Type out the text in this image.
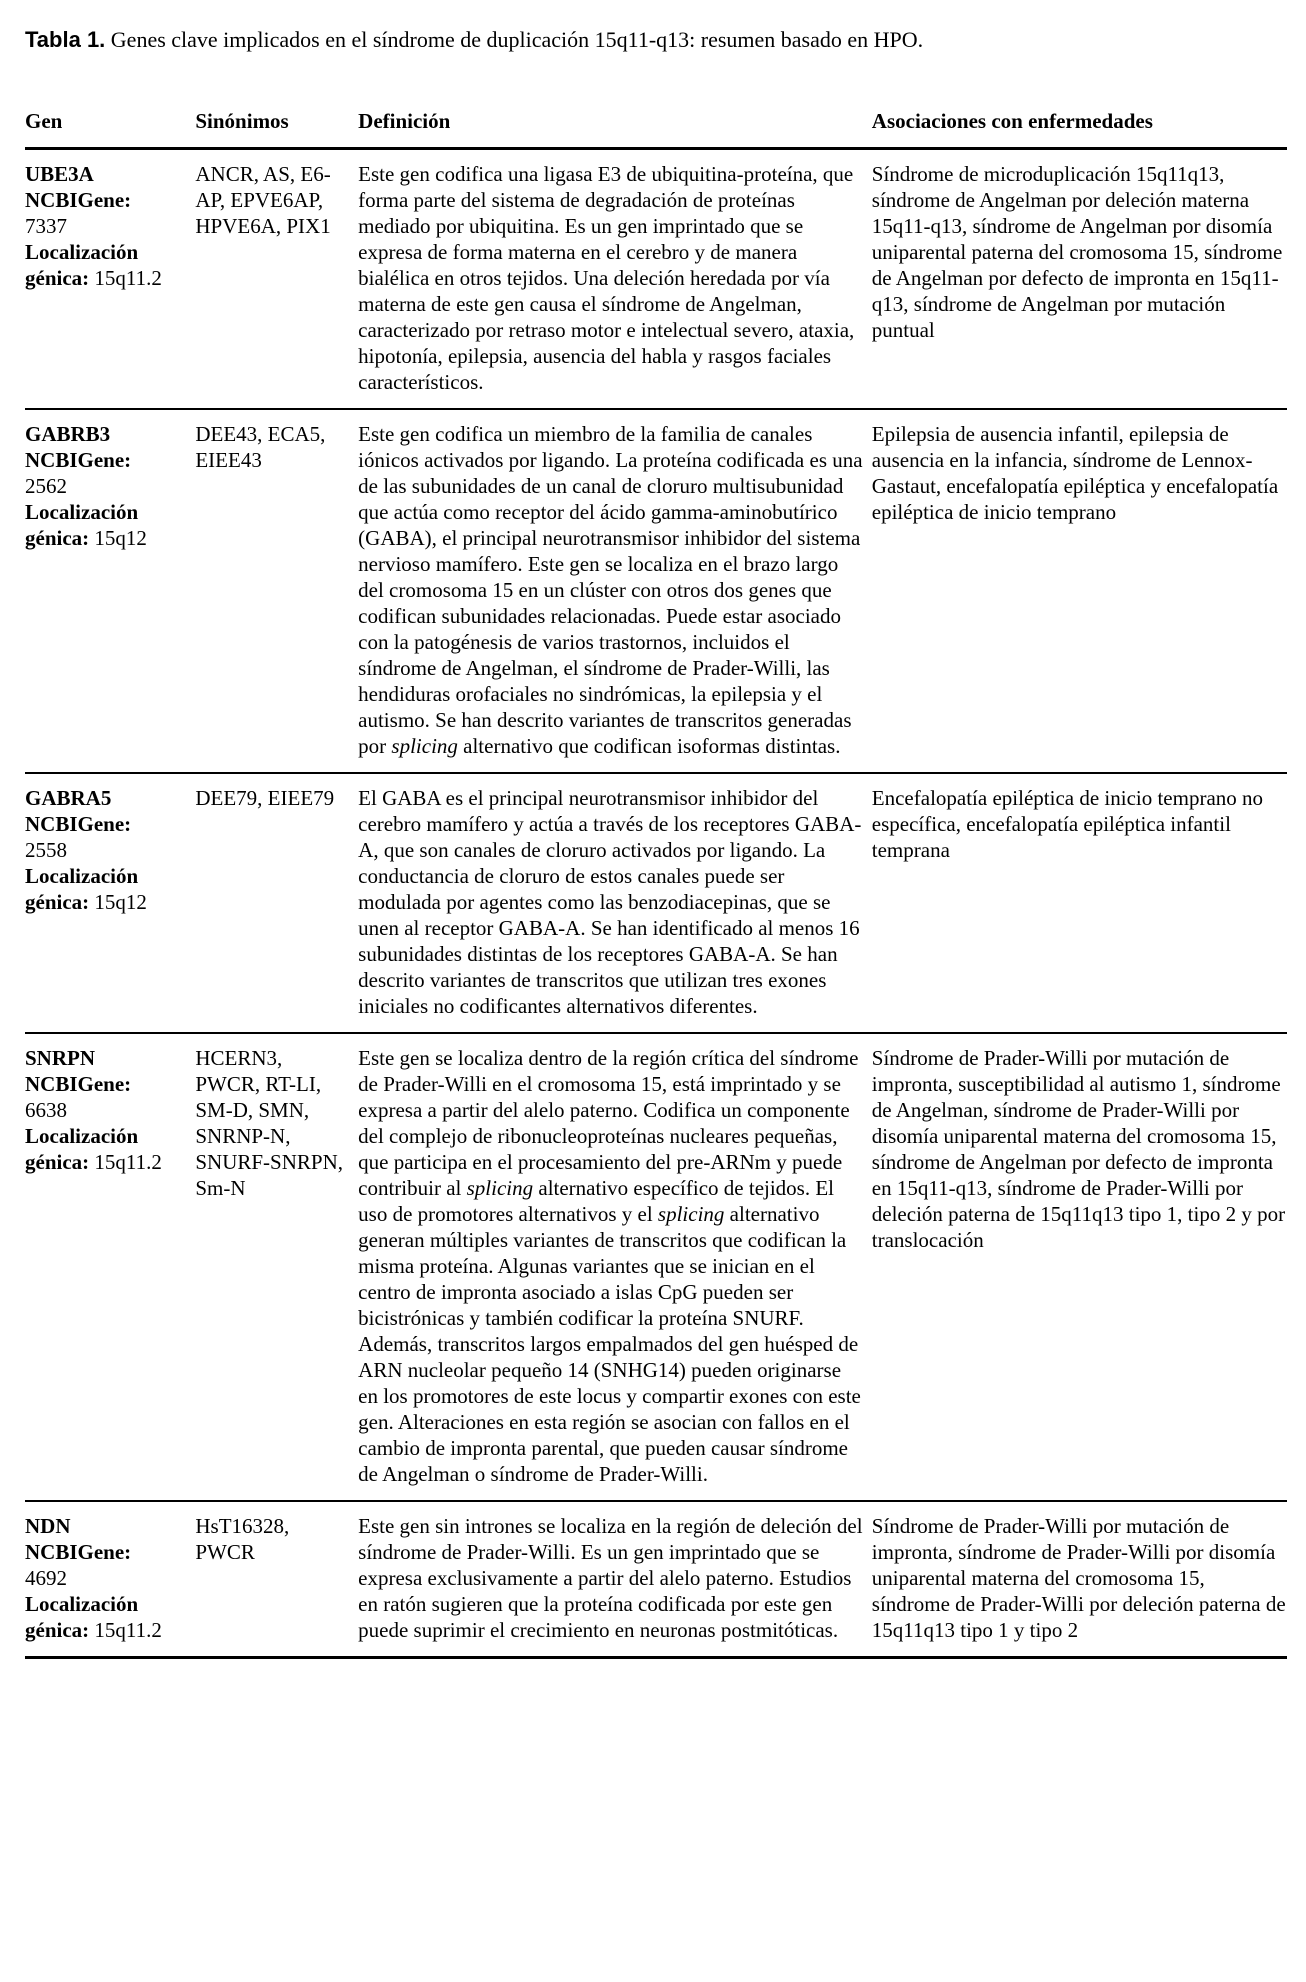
Tabla 1. Genes clave implicados en el síndrome de duplicación 15q11-q13: resumen basado en HPO.

Gen	Sinónimos	Definición	Asociaciones con enfermedades

UBE3A
NCBIGene:
7337
Localización génica: 15q11.2
	ANCR, AS, E6-AP, EPVE6AP, HPVE6A, PIX1	Este gen codifica una ligasa E3 de ubiquitina-proteína, que forma parte del sistema de degradación de proteínas mediado por ubiquitina. Es un gen imprintado que se expresa de forma materna en el cerebro y de manera bialélica en otros tejidos. Una deleción heredada por vía materna de este gen causa el síndrome de Angelman, caracterizado por retraso motor e intelectual severo, ataxia, hipotonía, epilepsia, ausencia del habla y rasgos faciales característicos.	Síndrome de microduplicación 15q11q13, síndrome de Angelman por deleción materna 15q11-q13, síndrome de Angelman por disomía uniparental paterna del cromosoma 15, síndrome de Angelman por defecto de impronta en 15q11-q13, síndrome de Angelman por mutación puntual

GABRB3
NCBIGene:
2562
Localización génica: 15q12
	DEE43, ECA5, EIEE43	Este gen codifica un miembro de la familia de canales iónicos activados por ligando. La proteína codificada es una de las subunidades de un canal de cloruro multisubunidad que actúa como receptor del ácido gamma-aminobutírico (GABA), el principal neurotransmisor inhibidor del sistema nervioso mamífero. Este gen se localiza en el brazo largo del cromosoma 15 en un clúster con otros dos genes que codifican subunidades relacionadas. Puede estar asociado con la patogénesis de varios trastornos, incluidos el síndrome de Angelman, el síndrome de Prader-Willi, las hendiduras orofaciales no sindrómicas, la epilepsia y el autismo. Se han descrito variantes de transcritos generadas por splicing alternativo que codifican isoformas distintas.	Epilepsia de ausencia infantil, epilepsia de ausencia en la infancia, síndrome de Lennox-Gastaut, encefalopatía epiléptica y encefalopatía epiléptica de inicio temprano

GABRA5
NCBIGene:
2558
Localización génica: 15q12
	DEE79, EIEE79	El GABA es el principal neurotransmisor inhibidor del cerebro mamífero y actúa a través de los receptores GABA-A, que son canales de cloruro activados por ligando. La conductancia de cloruro de estos canales puede ser modulada por agentes como las benzodiacepinas, que se unen al receptor GABA-A. Se han identificado al menos 16 subunidades distintas de los receptores GABA-A. Se han descrito variantes de transcritos que utilizan tres exones iniciales no codificantes alternativos diferentes.	Encefalopatía epiléptica de inicio temprano no específica, encefalopatía epiléptica infantil temprana

SNRPN
NCBIGene:
6638
Localización génica: 15q11.2
	HCERN3, PWCR, RT-LI, SM-D, SMN, SNRNP-N, SNURF-SNRPN, Sm-N	Este gen se localiza dentro de la región crítica del síndrome de Prader-Willi en el cromosoma 15, está imprintado y se expresa a partir del alelo paterno. Codifica un componente del complejo de ribonucleoproteínas nucleares pequeñas, que participa en el procesamiento del pre-ARNm y puede contribuir al splicing alternativo específico de tejidos. El uso de promotores alternativos y el splicing alternativo generan múltiples variantes de transcritos que codifican la misma proteína. Algunas variantes que se inician en el centro de impronta asociado a islas CpG pueden ser bicistrónicas y también codificar la proteína SNURF. Además, transcritos largos empalmados del gen huésped de ARN nucleolar pequeño 14 (SNHG14) pueden originarse en los promotores de este locus y compartir exones con este gen. Alteraciones en esta región se asocian con fallos en el cambio de impronta parental, que pueden causar síndrome de Angelman o síndrome de Prader-Willi.	Síndrome de Prader-Willi por mutación de impronta, susceptibilidad al autismo 1, síndrome de Angelman, síndrome de Prader-Willi por disomía uniparental materna del cromosoma 15, síndrome de Angelman por defecto de impronta en 15q11-q13, síndrome de Prader-Willi por deleción paterna de 15q11q13 tipo 1, tipo 2 y por translocación

NDN
NCBIGene:
4692
Localización génica: 15q11.2
	HsT16328, PWCR	Este gen sin intrones se localiza en la región de deleción del síndrome de Prader-Willi. Es un gen imprintado que se expresa exclusivamente a partir del alelo paterno. Estudios en ratón sugieren que la proteína codificada por este gen puede suprimir el crecimiento en neuronas postmitóticas.	Síndrome de Prader-Willi por mutación de impronta, síndrome de Prader-Willi por disomía uniparental materna del cromosoma 15, síndrome de Prader-Willi por deleción paterna de 15q11q13 tipo 1 y tipo 2
